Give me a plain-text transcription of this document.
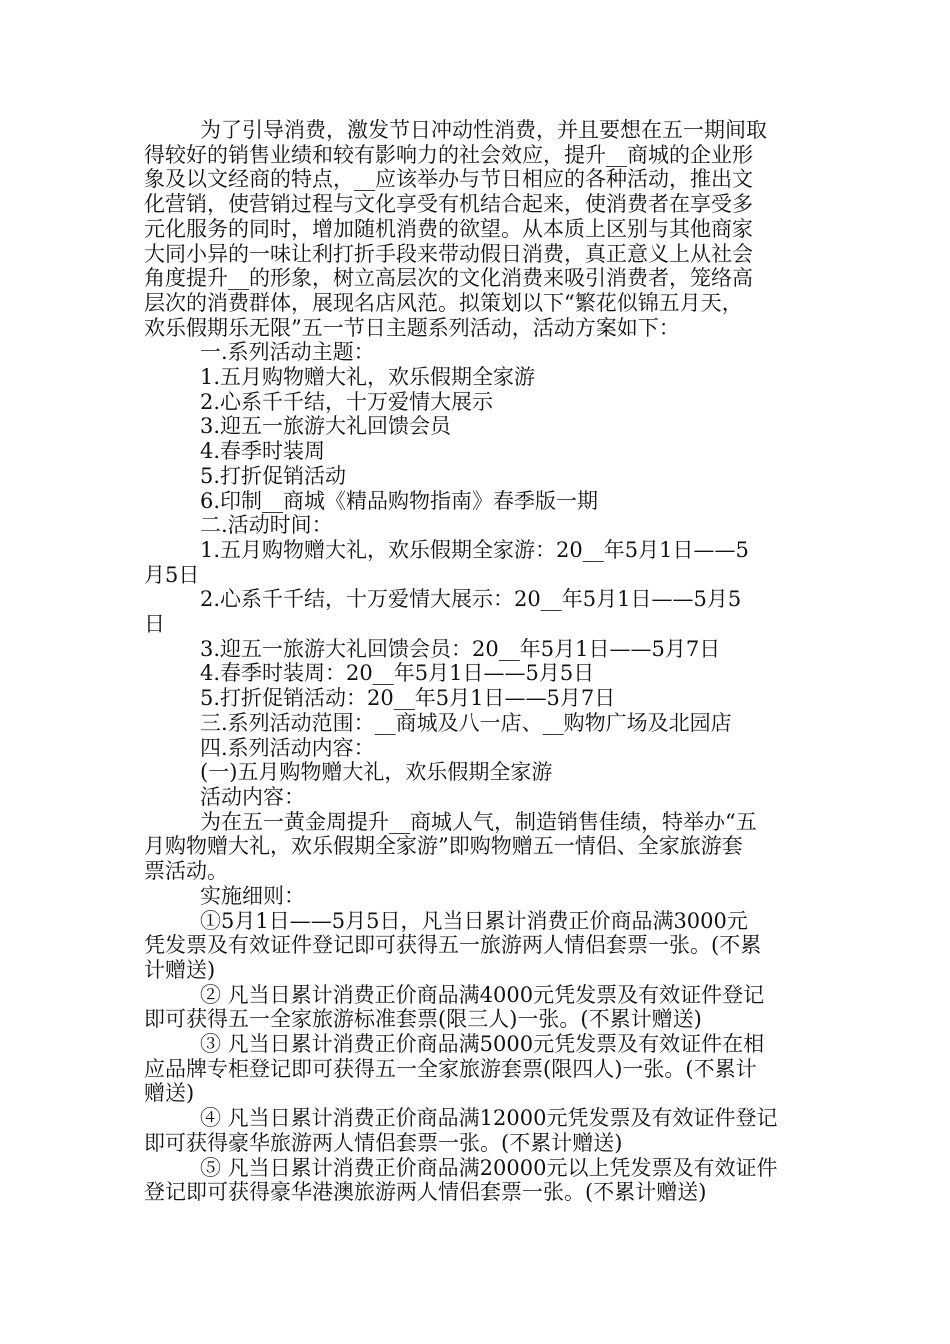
为了引导消费，激发节日冲动性消费，并且要想在五一期间取

得较好的销售业绩和较有影响力的社会效应，提升__商城的企业形

象及以文经商的特点，__应该举办与节日相应的各种活动，推出文

化营销，使营销过程与文化享受有机结合起来，使消费者在享受多

元化服务的同时，增加随机消费的欲望。从本质上区别与其他商家

大同小异的一味让利打折手段来带动假日消费，真正意义上从社会

角度提升__的形象，树立高层次的文化消费来吸引消费者，笼络高

层次的消费群体，展现名店风范。拟策划以下“繁花似锦五月天，

欢乐假期乐无限”五一节日主题系列活动，活动方案如下：

一.系列活动主题：

1.五月购物赠大礼，欢乐假期全家游

2.心系千千结，十万爱情大展示

3.迎五一旅游大礼回馈会员

4.春季时装周

5.打折促销活动

6.印制__商城《精品购物指南》春季版一期

二.活动时间：

1.五月购物赠大礼，欢乐假期全家游：20__年5月1日——5

月5日

2.心系千千结，十万爱情大展示：20__年5月1日——5月5

日

3.迎五一旅游大礼回馈会员：20__年5月1日——5月7日

4.春季时装周：20__年5月1日——5月5日

5.打折促销活动：20__年5月1日——5月7日

三.系列活动范围：__商城及八一店、__购物广场及北园店

四.系列活动内容：

(一)五月购物赠大礼，欢乐假期全家游

活动内容：

为在五一黄金周提升__商城人气，制造销售佳绩，特举办“五

月购物赠大礼，欢乐假期全家游”即购物赠五一情侣、全家旅游套

票活动。

实施细则：

①5月1日——5月5日，凡当日累计消费正价商品满3000元

凭发票及有效证件登记即可获得五一旅游两人情侣套票一张。(不累

计赠送)

② 凡当日累计消费正价商品满4000元凭发票及有效证件登记

即可获得五一全家旅游标准套票(限三人)一张。(不累计赠送)

③ 凡当日累计消费正价商品满5000元凭发票及有效证件在相

应品牌专柜登记即可获得五一全家旅游套票(限四人)一张。(不累计

赠送)

④ 凡当日累计消费正价商品满12000元凭发票及有效证件登记

即可获得豪华旅游两人情侣套票一张。(不累计赠送)

⑤ 凡当日累计消费正价商品满20000元以上凭发票及有效证件

登记即可获得豪华港澳旅游两人情侣套票一张。(不累计赠送)
